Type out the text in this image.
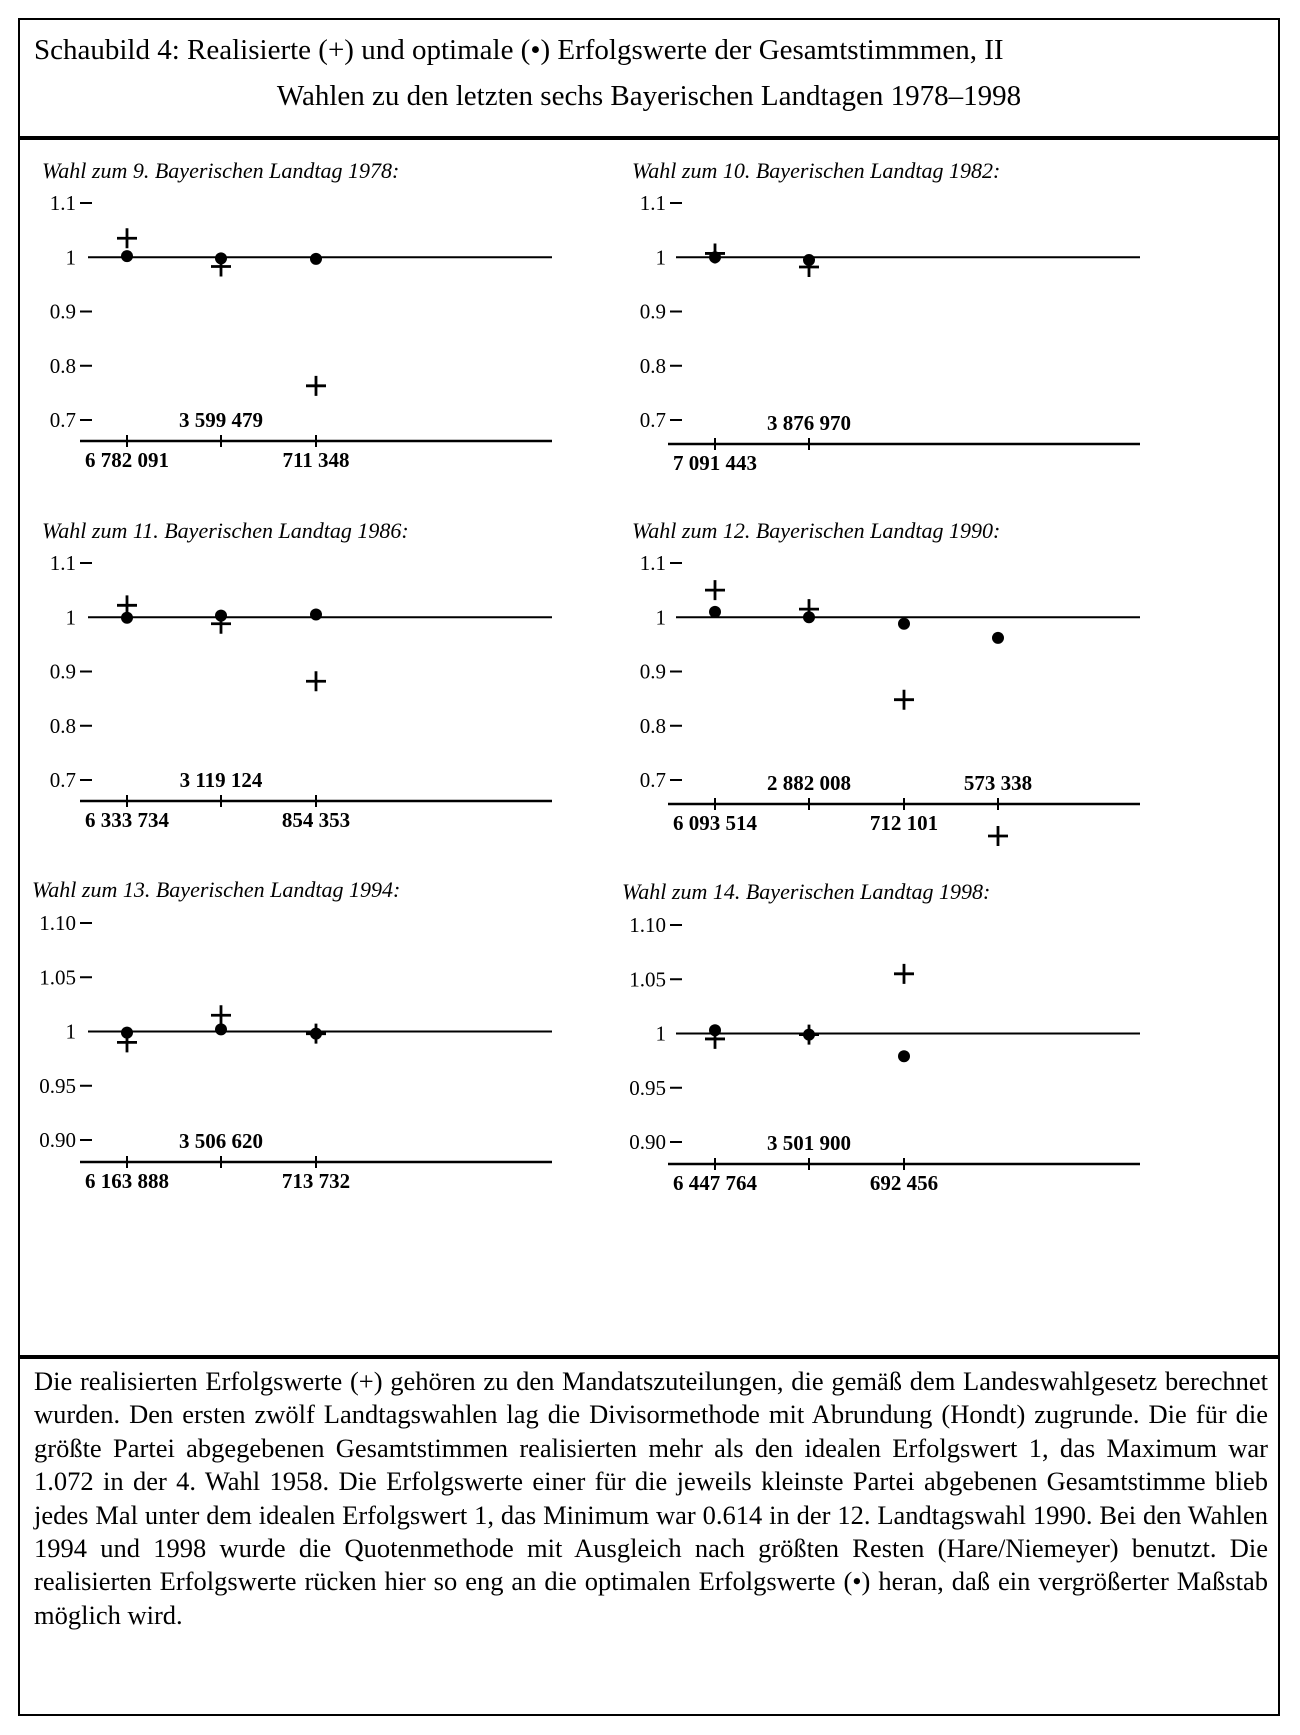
Schaubild 4: Realisierte (+) und optimale (•) Erfolgswerte der Gesamtstimmmen, II
Wahlen zu den letzten sechs Bayerischen Landtagen 1978–1998
Wahl zum 9. Bayerischen Landtag 1978:
1.1
1
0.9
0.8
0.7
6 782 091
3 599 479
711 348
Wahl zum 10. Bayerischen Landtag 1982:
1.1
1
0.9
0.8
0.7
7 091 443
3 876 970
Wahl zum 11. Bayerischen Landtag 1986:
1.1
1
0.9
0.8
0.7
6 333 734
3 119 124
854 353
Wahl zum 12. Bayerischen Landtag 1990:
1.1
1
0.9
0.8
0.7
6 093 514
2 882 008
712 101
573 338
Wahl zum 13. Bayerischen Landtag 1994:
1.10
1.05
1
0.95
0.90
6 163 888
3 506 620
713 732
Wahl zum 14. Bayerischen Landtag 1998:
1.10
1.05
1
0.95
0.90
6 447 764
3 501 900
692 456
Die realisierten Erfolgswerte (+) gehören zu den Mandatszuteilungen, die gemäß dem Landeswahlgesetz berechnet wurden. Den ersten zwölf Landtagswahlen lag die Divisormethode mit Abrundung (Hondt) zugrunde. Die für die größte Partei abgegebenen Gesamtstimmen realisierten mehr als den idealen Erfolgswert 1, das Maximum war 1.072 in der 4. Wahl 1958. Die Erfolgswerte einer für die jeweils kleinste Partei abgebenen Gesamtstimme blieb jedes Mal unter dem idealen Erfolgswert 1, das Minimum war 0.614 in der 12. Landtagswahl 1990. Bei den Wahlen 1994 und 1998 wurde die Quotenmethode mit Ausgleich nach größten Resten (Hare/Niemeyer) benutzt. Die realisierten Erfolgswerte rücken hier so eng an die optimalen Erfolgswerte (•) heran, daß ein vergrößerter Maßstab möglich wird.
